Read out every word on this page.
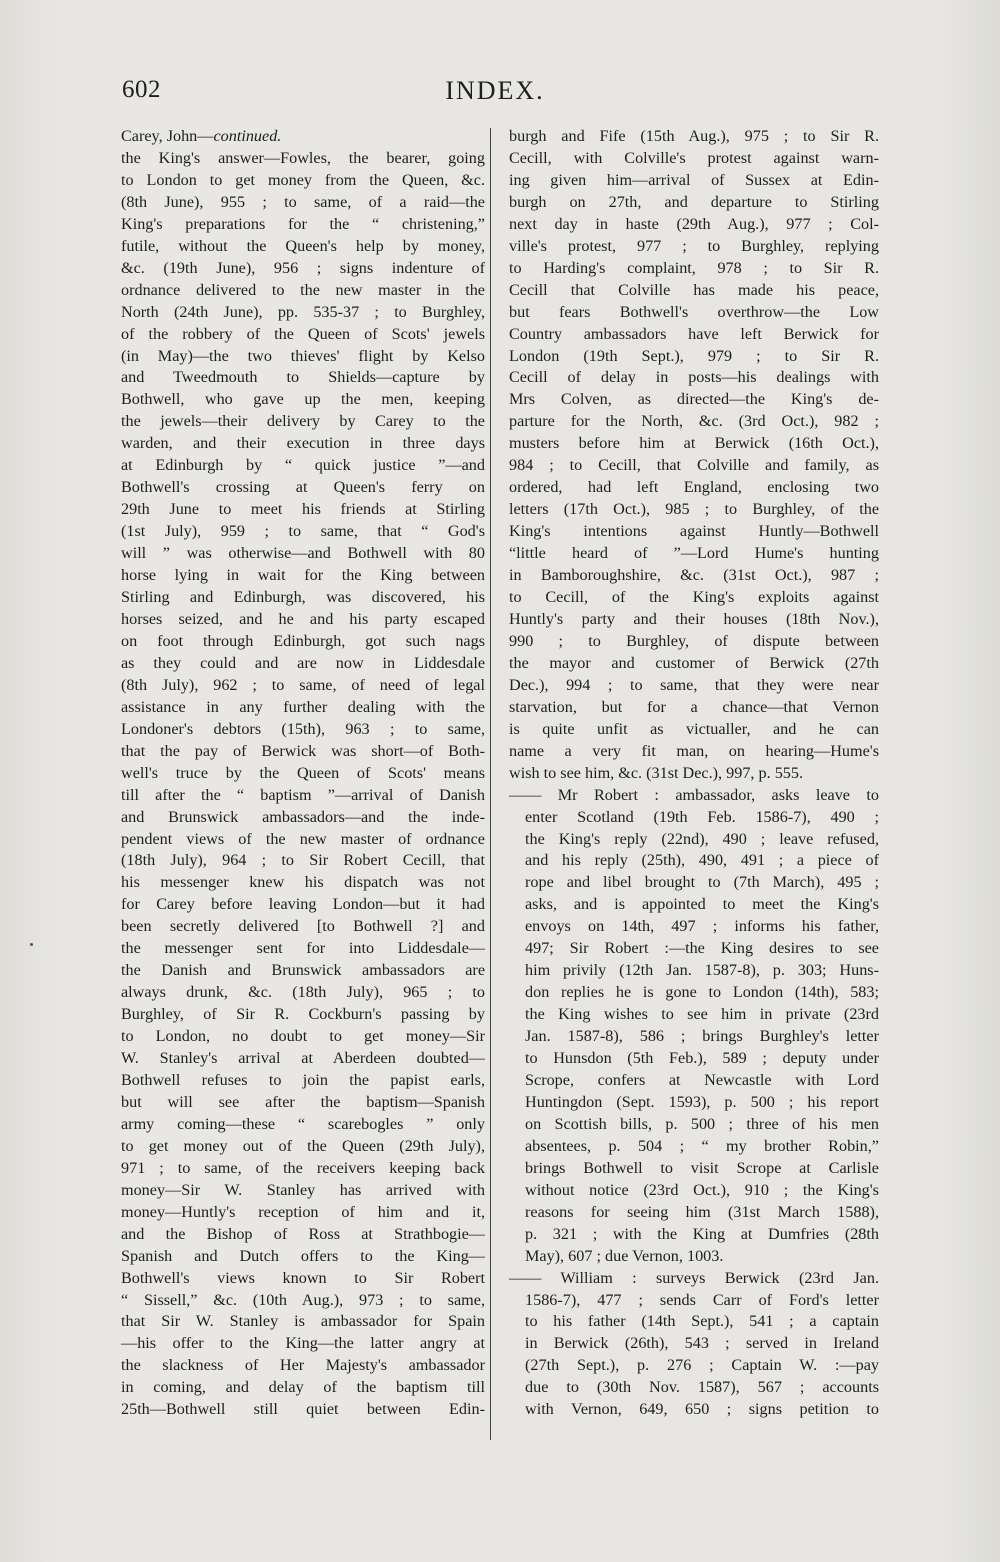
602	INDEX.

Carey, John—continued.

the King's answer—Fowles, the bearer, going

to London to get money from the Queen, &c.

(8th June), 955 ; to same, of a raid—the

King's preparations for the “ christening,”

futile, without the Queen's help by money,

&c. (19th June), 956 ; signs indenture of

ordnance delivered to the new master in the

North (24th June), pp. 535-37 ; to Burghley,

of the robbery of the Queen of Scots' jewels

(in May)—the two thieves' flight by Kelso

and Tweedmouth to Shields—capture by

Bothwell, who gave up the men, keeping

the jewels—their delivery by Carey to the

warden, and their execution in three days

at Edinburgh by “ quick justice ”—and

Bothwell's crossing at Queen's ferry on

29th June to meet his friends at Stirling

(1st July), 959 ; to same, that “ God's

will ” was otherwise—and Bothwell with 80

horse lying in wait for the King between

Stirling and Edinburgh, was discovered, his

horses seized, and he and his party escaped

on foot through Edinburgh, got such nags

as they could and are now in Liddesdale

(8th July), 962 ; to same, of need of legal

assistance in any further dealing with the

Londoner's debtors (15th), 963 ; to same,

that the pay of Berwick was short—of Both-

well's truce by the Queen of Scots' means

till after the “ baptism ”—arrival of Danish

and Brunswick ambassadors—and the inde-

pendent views of the new master of ordnance

(18th July), 964 ; to Sir Robert Cecill, that

his messenger knew his dispatch was not

for Carey before leaving London—but it had

been secretly delivered [to Bothwell ?] and

the messenger sent for into Liddesdale—

the Danish and Brunswick ambassadors are

always drunk, &c. (18th July), 965 ; to

Burghley, of Sir R. Cockburn's passing by

to London, no doubt to get money—Sir

W. Stanley's arrival at Aberdeen doubted—

Bothwell refuses to join the papist earls,

but will see after the baptism—Spanish

army coming—these “ scarebogles ” only

to get money out of the Queen (29th July),

971 ; to same, of the receivers keeping back

money—Sir W. Stanley has arrived with

money—Huntly's reception of him and it,

and the Bishop of Ross at Strathbogie—

Spanish and Dutch offers to the King—

Bothwell's views known to Sir Robert

“ Sissell,” &c. (10th Aug.), 973 ; to same,

that Sir W. Stanley is ambassador for Spain

—his offer to the King—the latter angry at

the slackness of Her Majesty's ambassador

in coming, and delay of the baptism till

25th—Bothwell still quiet between Edin-

burgh and Fife (15th Aug.), 975 ; to Sir R.

Cecill, with Colville's protest against warn-

ing given him—arrival of Sussex at Edin-

burgh on 27th, and departure to Stirling

next day in haste (29th Aug.), 977 ; Col-

ville's protest, 977 ; to Burghley, replying

to Harding's complaint, 978 ; to Sir R.

Cecill that Colville has made his peace,

but fears Bothwell's overthrow—the Low

Country ambassadors have left Berwick for

London (19th Sept.), 979 ; to Sir R.

Cecill of delay in posts—his dealings with

Mrs Colven, as directed—the King's de-

parture for the North, &c. (3rd Oct.), 982 ;

musters before him at Berwick (16th Oct.),

984 ; to Cecill, that Colville and family, as

ordered, had left England, enclosing two

letters (17th Oct.), 985 ; to Burghley, of the

King's intentions against Huntly—Bothwell

“little heard of ”—Lord Hume's hunting

in Bamboroughshire, &c. (31st Oct.), 987 ;

to Cecill, of the King's exploits against

Huntly's party and their houses (18th Nov.),

990 ; to Burghley, of dispute between

the mayor and customer of Berwick (27th

Dec.), 994 ; to same, that they were near

starvation, but for a chance—that Vernon

is quite unfit as victualler, and he can

name a very fit man, on hearing—Hume's

wish to see him, &c. (31st Dec.), 997, p. 555.

—— Mr Robert : ambassador, asks leave to

enter Scotland (19th Feb. 1586-7), 490 ;

the King's reply (22nd), 490 ; leave refused,

and his reply (25th), 490, 491 ; a piece of

rope and libel brought to (7th March), 495 ;

asks, and is appointed to meet the King's

envoys on 14th, 497 ; informs his father,

497; Sir Robert :—the King desires to see

him privily (12th Jan. 1587-8), p. 303; Huns-

don replies he is gone to London (14th), 583;

the King wishes to see him in private (23rd

Jan. 1587-8), 586 ; brings Burghley's letter

to Hunsdon (5th Feb.), 589 ; deputy under

Scrope, confers at Newcastle with Lord

Huntingdon (Sept. 1593), p. 500 ; his report

on Scottish bills, p. 500 ; three of his men

absentees, p. 504 ; “ my brother Robin,”

brings Bothwell to visit Scrope at Carlisle

without notice (23rd Oct.), 910 ; the King's

reasons for seeing him (31st March 1588),

p. 321 ; with the King at Dumfries (28th

May), 607 ; due Vernon, 1003.

—— William : surveys Berwick (23rd Jan.

1586-7), 477 ; sends Carr of Ford's letter

to his father (14th Sept.), 541 ; a captain

in Berwick (26th), 543 ; served in Ireland

(27th Sept.), p. 276 ; Captain W. :—pay

due to (30th Nov. 1587), 567 ; accounts

with Vernon, 649, 650 ; signs petition to
